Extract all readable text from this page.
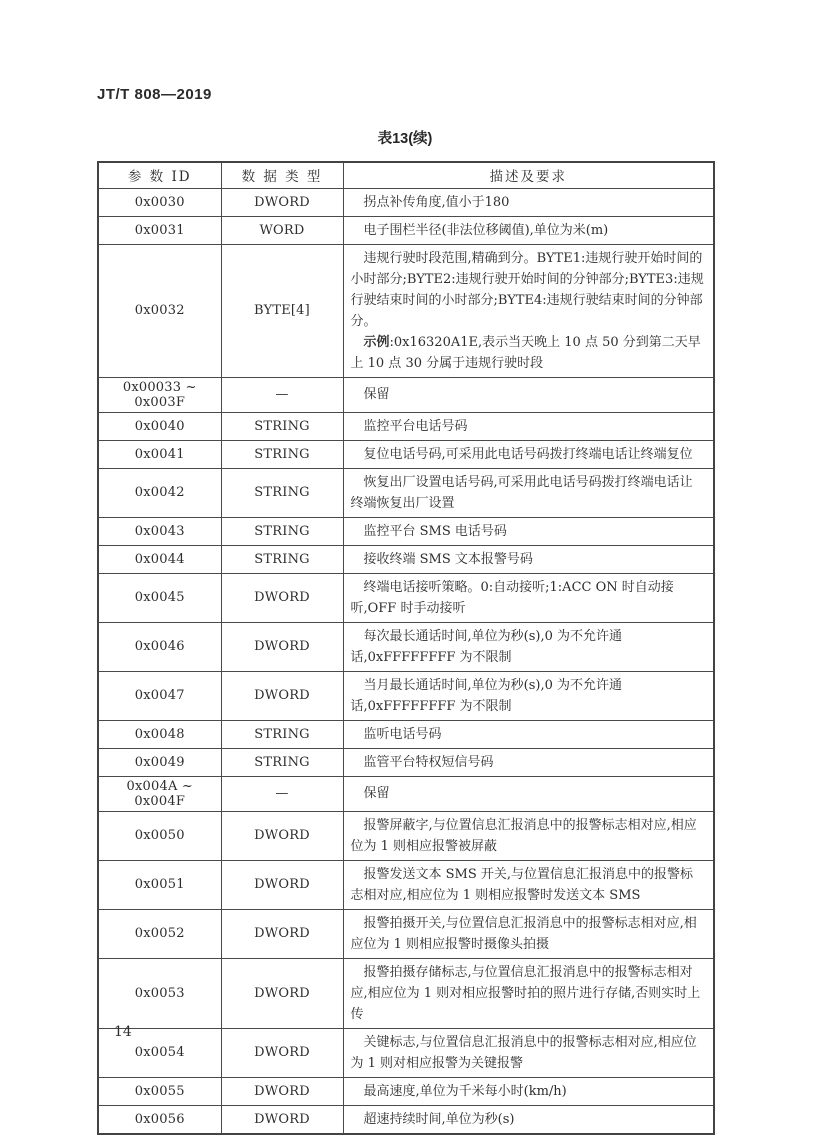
JT/T 808—2019
表13(续)
参 数 ID	数 据 类 型	描述及要求
0x0030	DWORD	拐点补传角度,值小于180

0x0031	WORD	电子围栏半径(非法位移阈值),单位为米(m)

0x0032	BYTE[4]	违规行驶时段范围,精确到分。BYTE1:违规行驶开始时间的小时部分;BYTE2:违规行驶开始时间的分钟部分;BYTE3:违规行驶结束时间的小时部分;BYTE4:违规行驶结束时间的分钟部分。

示例:0x16320A1E,表示当天晚上 10 点 50 分到第二天早上 10 点 30 分属于违规行驶时段

0x00033 ~ 0x003F	—	保留

0x0040	STRING	监控平台电话号码

0x0041	STRING	复位电话号码,可采用此电话号码拨打终端电话让终端复位

0x0042	STRING	恢复出厂设置电话号码,可采用此电话号码拨打终端电话让终端恢复出厂设置

0x0043	STRING	监控平台 SMS 电话号码

0x0044	STRING	接收终端 SMS 文本报警号码

0x0045	DWORD	终端电话接听策略。0:自动接听;1:ACC ON 时自动接听,OFF 时手动接听

0x0046	DWORD	每次最长通话时间,单位为秒(s),0 为不允许通话,0xFFFFFFFF 为不限制

0x0047	DWORD	当月最长通话时间,单位为秒(s),0 为不允许通话,0xFFFFFFFF 为不限制

0x0048	STRING	监听电话号码

0x0049	STRING	监管平台特权短信号码

0x004A ~ 0x004F	—	保留

0x0050	DWORD	报警屏蔽字,与位置信息汇报消息中的报警标志相对应,相应位为 1 则相应报警被屏蔽

0x0051	DWORD	报警发送文本 SMS 开关,与位置信息汇报消息中的报警标志相对应,相应位为 1 则相应报警时发送文本 SMS

0x0052	DWORD	报警拍摄开关,与位置信息汇报消息中的报警标志相对应,相应位为 1 则相应报警时摄像头拍摄

0x0053	DWORD	报警拍摄存储标志,与位置信息汇报消息中的报警标志相对应,相应位为 1 则对相应报警时拍的照片进行存储,否则实时上传

0x0054	DWORD	关键标志,与位置信息汇报消息中的报警标志相对应,相应位为 1 则对相应报警为关键报警

0x0055	DWORD	最高速度,单位为千米每小时(km/h)

0x0056	DWORD	超速持续时间,单位为秒(s)

14
